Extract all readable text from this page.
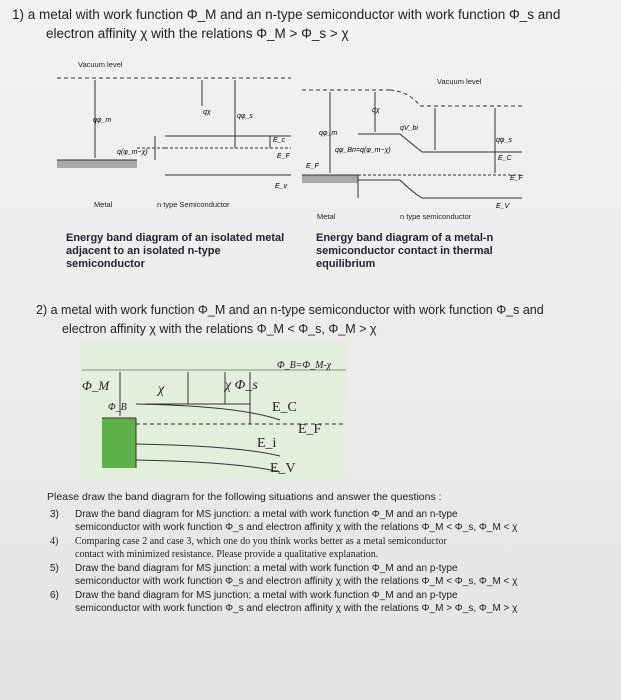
1) a metal with work function Φ_M and an n-type semiconductor with work function Φ_s and
electron affinity χ with the relations Φ_M > Φ_s > χ
qφ_m
qχ
qφ_s
q(φ_m−χ)
E_c
E_F
E_v
Vacuum level
Metal	n type Semiconductor
qφ_m
qχ
qV_bi
qφ_s
qφ_Bn=q(φ_m−χ)
E_F
E_C
E_F
E_V
Vacuum level
Metal	n type semiconductor
Energy band diagram of an isolated metal adjacent to an isolated n-type semiconductor
Energy band diagram of a metal-n semiconductor contact in thermal equilibrium
2) a metal with work function Φ_M and an n-type semiconductor with work function Φ_s and
electron affinity χ with the relations Φ_M < Φ_s, Φ_M > χ
Φ_B=Φ_M-χ
Φ_M
Φ_B
χ	χ Φ_s
E_C
E_F
E_i
E_V
Please draw the band diagram for the following situations and answer the questions :
3)	Draw the band diagram for MS junction: a metal with work function Φ_M and an n-type
semiconductor with work function Φ_s and electron affinity χ with the relations Φ_M < Φ_s, Φ_M < χ
4)	Comparing case 2 and case 3, which one do you think works better as a metal semiconductor
contact with minimized resistance. Please provide a qualitative explanation.
5)	Draw the band diagram for MS junction: a metal with work function Φ_M and an p-type
semiconductor with work function Φ_s and electron affinity χ with the relations Φ_M < Φ_s, Φ_M < χ
6)	Draw the band diagram for MS junction: a metal with work function Φ_M and an p-type
semiconductor with work function Φ_s and electron affinity χ with the relations Φ_M > Φ_s, Φ_M > χ
